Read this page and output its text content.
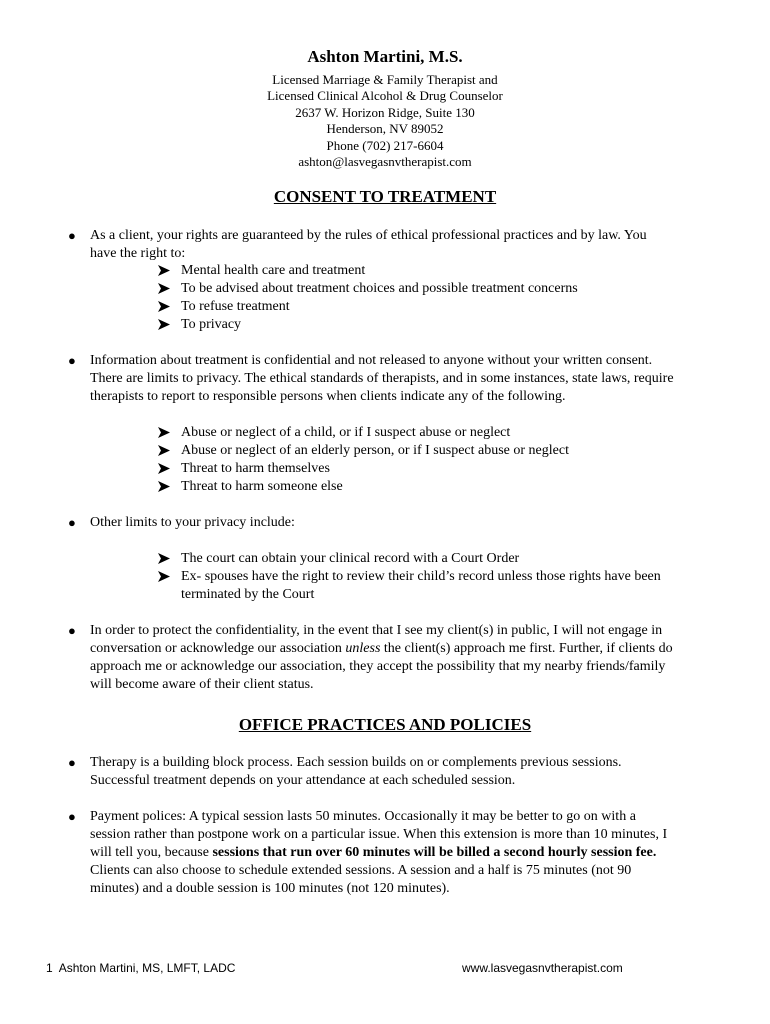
Ashton Martini, M.S.
Licensed Marriage & Family Therapist and
Licensed Clinical Alcohol & Drug Counselor
2637 W. Horizon Ridge, Suite 130
Henderson, NV 89052
Phone (702) 217-6604
ashton@lasvegasnvtherapist.com
CONSENT TO TREATMENT
● As a client, your rights are guaranteed by the rules of ethical professional practices and by law. You
have the right to:
Mental health care and treatment
To be advised about treatment choices and possible treatment concerns
To refuse treatment
To privacy
● Information about treatment is confidential and not released to anyone without your written consent.
There are limits to privacy. The ethical standards of therapists, and in some instances, state laws, require
therapists to report to responsible persons when clients indicate any of the following.
Abuse or neglect of a child, or if I suspect abuse or neglect
Abuse or neglect of an elderly person, or if I suspect abuse or neglect
Threat to harm themselves
Threat to harm someone else
● Other limits to your privacy include:
The court can obtain your clinical record with a Court Order
Ex- spouses have the right to review their child’s record unless those rights have been
terminated by the Court
● In order to protect the confidentiality, in the event that I see my client(s) in public, I will not engage in
conversation or acknowledge our association unless the client(s) approach me first. Further, if clients do
approach me or acknowledge our association, they accept the possibility that my nearby friends/family
will become aware of their client status.
OFFICE PRACTICES AND POLICIES
● Therapy is a building block process. Each session builds on or complements previous sessions.
Successful treatment depends on your attendance at each scheduled session.
● Payment polices: A typical session lasts 50 minutes. Occasionally it may be better to go on with a
session rather than postpone work on a particular issue. When this extension is more than 10 minutes, I
will tell you, because sessions that run over 60 minutes will be billed a second hourly session fee.
Clients can also choose to schedule extended sessions. A session and a half is 75 minutes (not 90
minutes) and a double session is 100 minutes (not 120 minutes).
1 Ashton Martini, MS, LMFT, LADC	www.lasvegasnvtherapist.com
